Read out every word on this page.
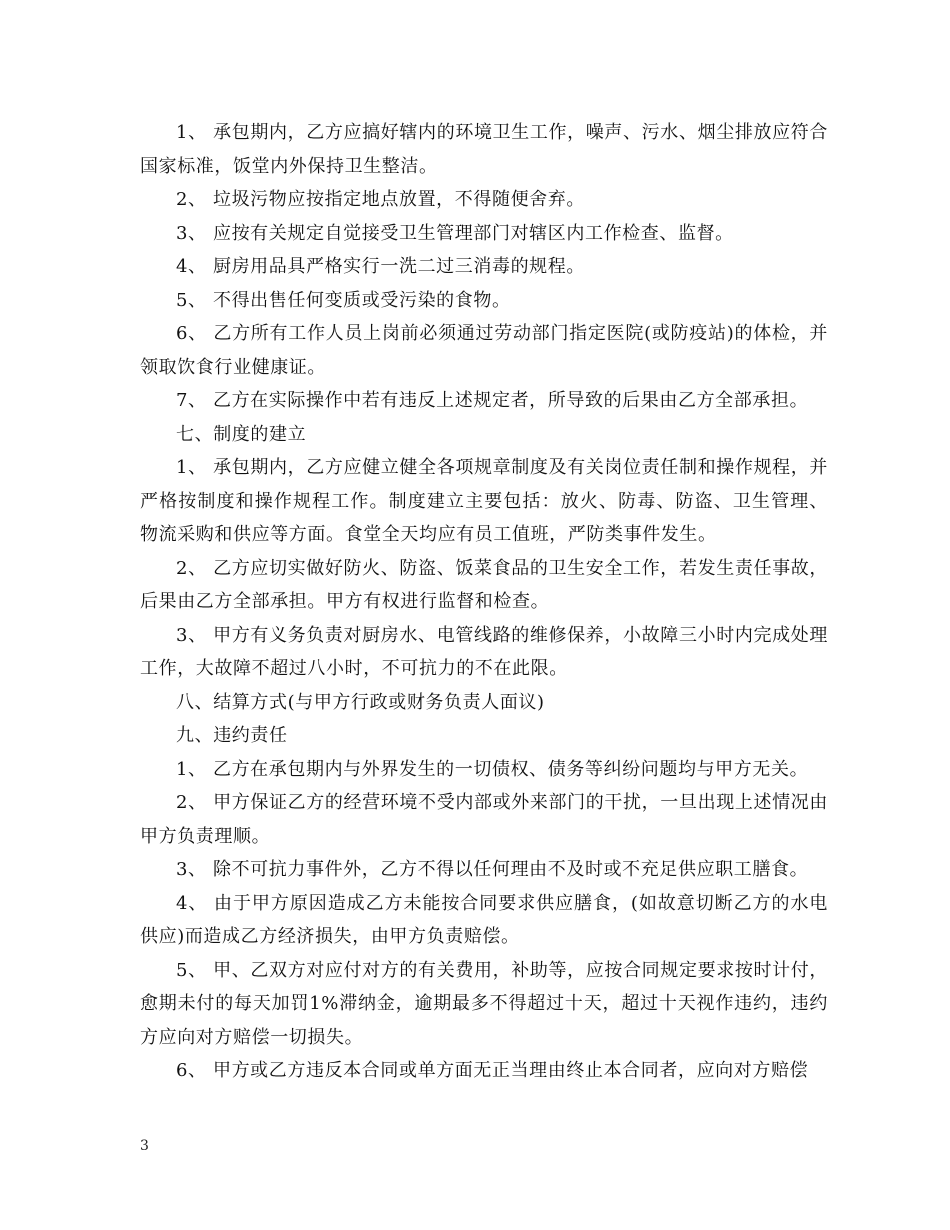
1、 承包期内，乙方应搞好辖内的环境卫生工作，噪声、污水、烟尘排放应符合国家标准，饭堂内外保持卫生整洁。

2、 垃圾污物应按指定地点放置，不得随便舍弃。

3、 应按有关规定自觉接受卫生管理部门对辖区内工作检查、监督。

4、 厨房用品具严格实行一洗二过三消毒的规程。

5、 不得出售任何变质或受污染的食物。

6、 乙方所有工作人员上岗前必须通过劳动部门指定医院(或防疫站)的体检，并领取饮食行业健康证。

7、 乙方在实际操作中若有违反上述规定者，所导致的后果由乙方全部承担。

七、制度的建立

1、 承包期内，乙方应健立健全各项规章制度及有关岗位责任制和操作规程，并严格按制度和操作规程工作。制度建立主要包括：放火、防毒、防盗、卫生管理、物流采购和供应等方面。食堂全天均应有员工值班，严防类事件发生。

2、 乙方应切实做好防火、防盗、饭菜食品的卫生安全工作，若发生责任事故，后果由乙方全部承担。甲方有权进行监督和检查。

3、 甲方有义务负责对厨房水、电管线路的维修保养，小故障三小时内完成处理工作，大故障不超过八小时，不可抗力的不在此限。

八、结算方式(与甲方行政或财务负责人面议)

九、违约责任

1、 乙方在承包期内与外界发生的一切债权、债务等纠纷问题均与甲方无关。

2、 甲方保证乙方的经营环境不受内部或外来部门的干扰，一旦出现上述情况由甲方负责理顺。

3、 除不可抗力事件外，乙方不得以任何理由不及时或不充足供应职工膳食。

4、 由于甲方原因造成乙方未能按合同要求供应膳食，(如故意切断乙方的水电供应)而造成乙方经济损失，由甲方负责赔偿。

5、 甲、乙双方对应付对方的有关费用，补助等，应按合同规定要求按时计付，愈期未付的每天加罚1%滞纳金，逾期最多不得超过十天，超过十天视作违约，违约方应向对方赔偿一切损失。

6、 甲方或乙方违反本合同或单方面无正当理由终止本合同者，应向对方赔偿

3
